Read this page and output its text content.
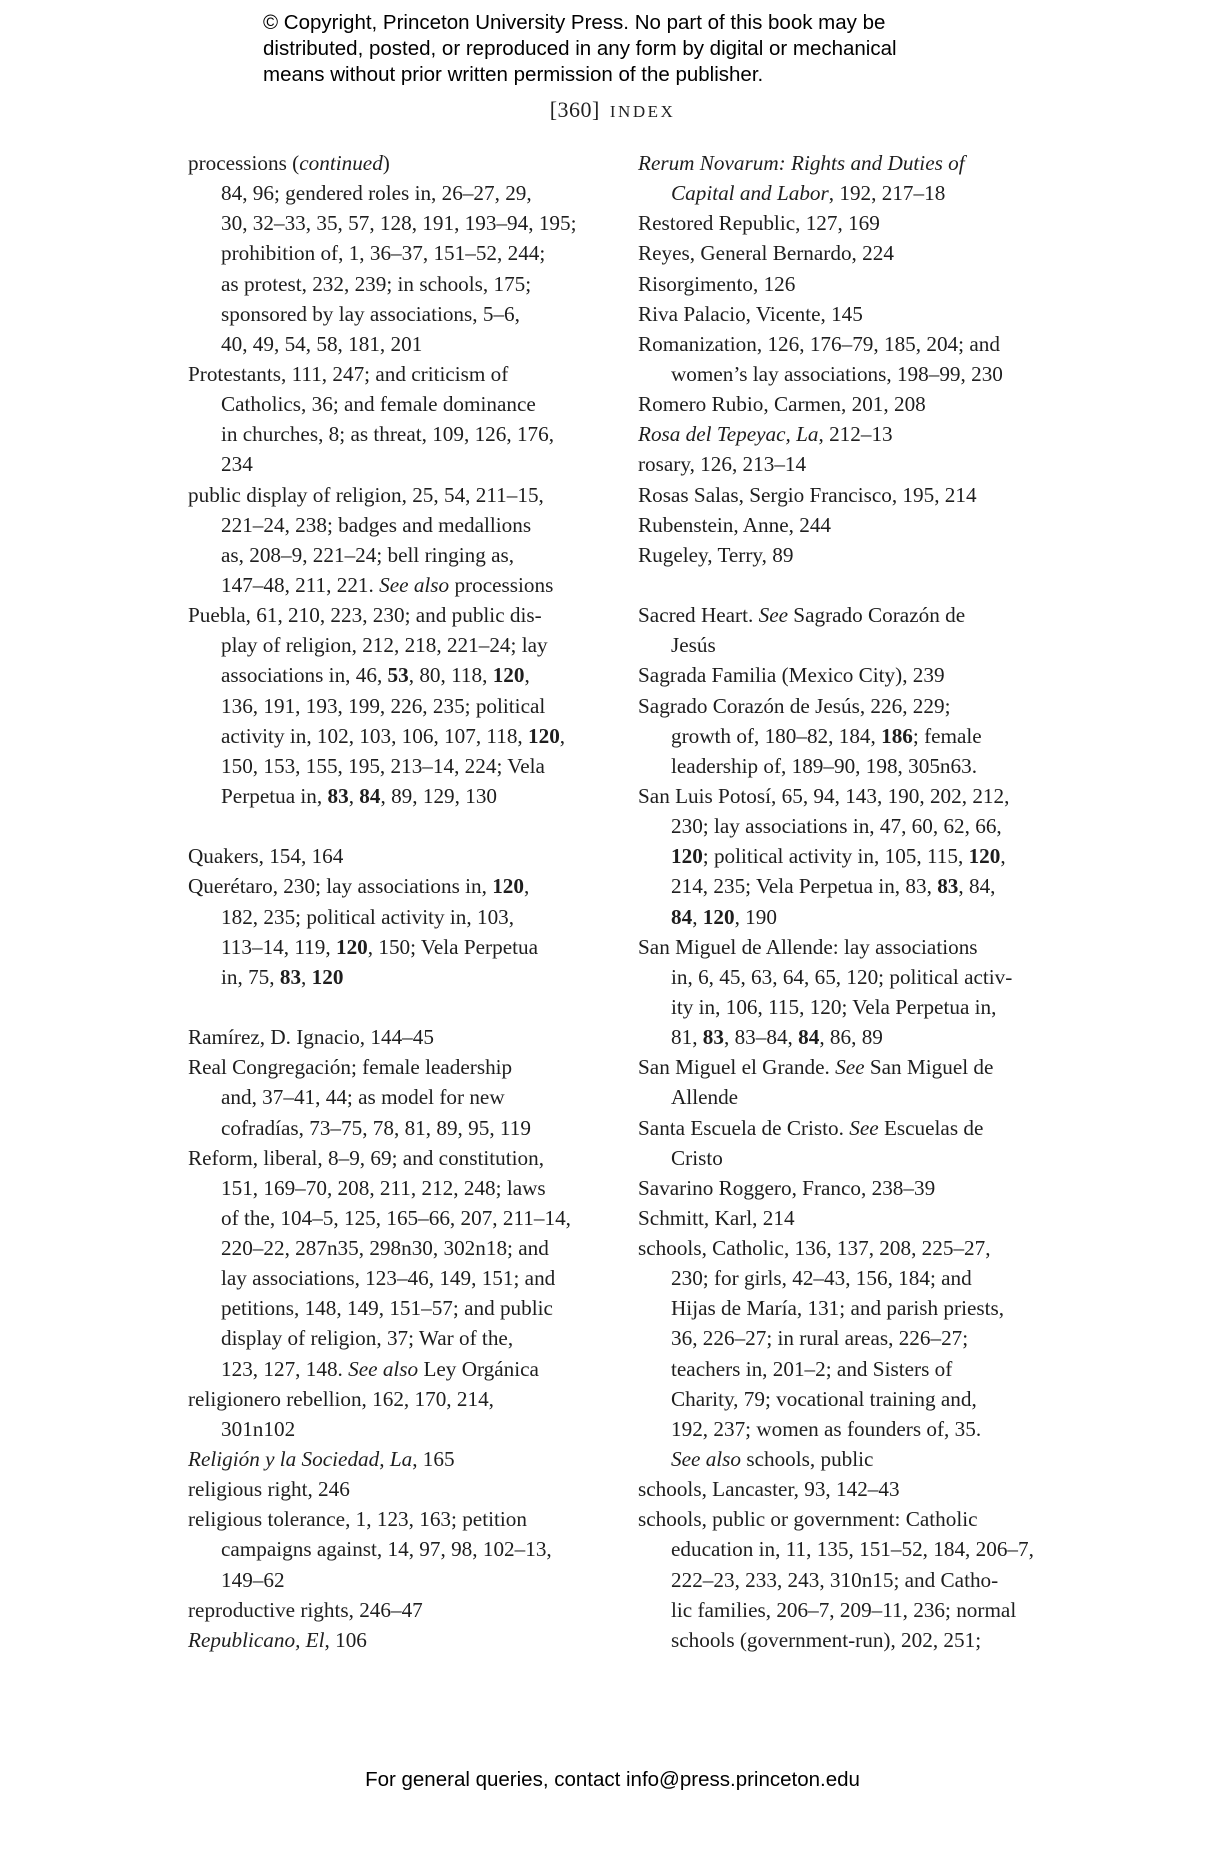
© Copyright, Princeton University Press. No part of this book may be
distributed, posted, or reproduced in any form by digital or mechanical
means without prior written permission of the publisher.
[360] INDEX
processions (continued)
84, 96; gendered roles in, 26–27, 29,
30, 32–33, 35, 57, 128, 191, 193–94, 195;
prohibition of, 1, 36–37, 151–52, 244;
as protest, 232, 239; in schools, 175;
sponsored by lay associations, 5–6,
40, 49, 54, 58, 181, 201
Protestants, 111, 247; and criticism of
Catholics, 36; and female dominance
in churches, 8; as threat, 109, 126, 176,
234
public display of religion, 25, 54, 211–15,
221–24, 238; badges and medallions
as, 208–9, 221–24; bell ringing as,
147–48, 211, 221. See also processions
Puebla, 61, 210, 223, 230; and public dis-
play of religion, 212, 218, 221–24; lay
associations in, 46, 53, 80, 118, 120,
136, 191, 193, 199, 226, 235; political
activity in, 102, 103, 106, 107, 118, 120,
150, 153, 155, 195, 213–14, 224; Vela
Perpetua in, 83, 84, 89, 129, 130
Quakers, 154, 164
Querétaro, 230; lay associations in, 120,
182, 235; political activity in, 103,
113–14, 119, 120, 150; Vela Perpetua
in, 75, 83, 120
Ramírez, D. Ignacio, 144–45
Real Congregación; female leadership
and, 37–41, 44; as model for new
cofradías, 73–75, 78, 81, 89, 95, 119
Reform, liberal, 8–9, 69; and constitution,
151, 169–70, 208, 211, 212, 248; laws
of the, 104–5, 125, 165–66, 207, 211–14,
220–22, 287n35, 298n30, 302n18; and
lay associations, 123–46, 149, 151; and
petitions, 148, 149, 151–57; and public
display of religion, 37; War of the,
123, 127, 148. See also Ley Orgánica
religionero rebellion, 162, 170, 214,
301n102
Religión y la Sociedad, La, 165
religious right, 246
religious tolerance, 1, 123, 163; petition
campaigns against, 14, 97, 98, 102–13,
149–62
reproductive rights, 246–47
Republicano, El, 106
Rerum Novarum: Rights and Duties of
Capital and Labor, 192, 217–18
Restored Republic, 127, 169
Reyes, General Bernardo, 224
Risorgimento, 126
Riva Palacio, Vicente, 145
Romanization, 126, 176–79, 185, 204; and
women’s lay associations, 198–99, 230
Romero Rubio, Carmen, 201, 208
Rosa del Tepeyac, La, 212–13
rosary, 126, 213–14
Rosas Salas, Sergio Francisco, 195, 214
Rubenstein, Anne, 244
Rugeley, Terry, 89
Sacred Heart. See Sagrado Corazón de
Jesús
Sagrada Familia (Mexico City), 239
Sagrado Corazón de Jesús, 226, 229;
growth of, 180–82, 184, 186; female
leadership of, 189–90, 198, 305n63.
San Luis Potosí, 65, 94, 143, 190, 202, 212,
230; lay associations in, 47, 60, 62, 66,
120; political activity in, 105, 115, 120,
214, 235; Vela Perpetua in, 83, 83, 84,
84, 120, 190
San Miguel de Allende: lay associations
in, 6, 45, 63, 64, 65, 120; political activ-
ity in, 106, 115, 120; Vela Perpetua in,
81, 83, 83–84, 84, 86, 89
San Miguel el Grande. See San Miguel de
Allende
Santa Escuela de Cristo. See Escuelas de
Cristo
Savarino Roggero, Franco, 238–39
Schmitt, Karl, 214
schools, Catholic, 136, 137, 208, 225–27,
230; for girls, 42–43, 156, 184; and
Hijas de María, 131; and parish priests,
36, 226–27; in rural areas, 226–27;
teachers in, 201–2; and Sisters of
Charity, 79; vocational training and,
192, 237; women as founders of, 35.
See also schools, public
schools, Lancaster, 93, 142–43
schools, public or government: Catholic
education in, 11, 135, 151–52, 184, 206–7,
222–23, 233, 243, 310n15; and Catho-
lic families, 206–7, 209–11, 236; normal
schools (government-run), 202, 251;
For general queries, contact info@press.princeton.edu
